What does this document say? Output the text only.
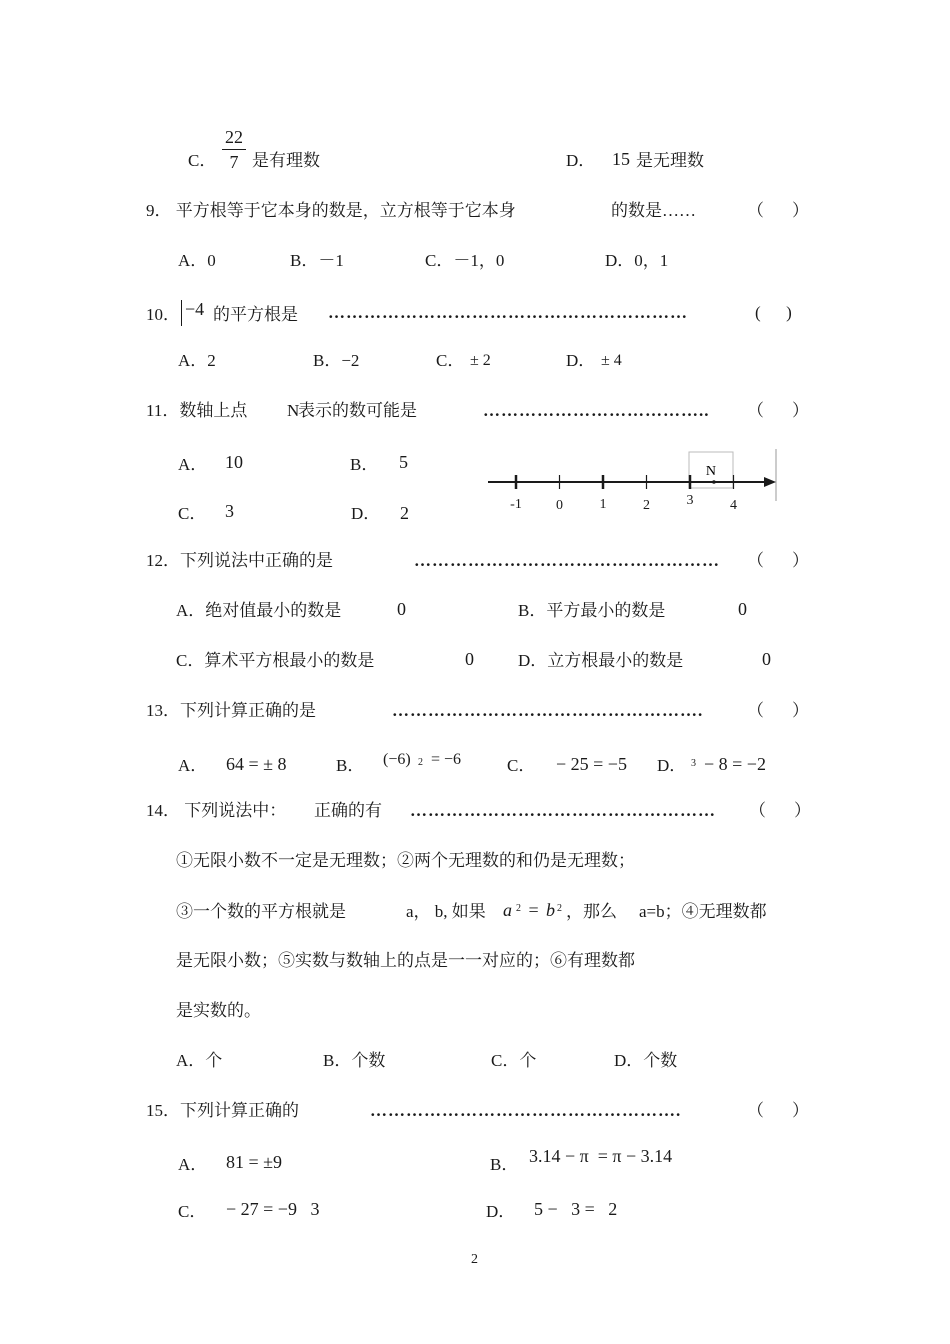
C． $\frac{22}{7}$ 是有理数	D． 15 是无理数
9． 平方根等于它本身的数是，立方根等于它本身	的数是……	（ ）
A．0	B．－1	C．－1，0	D．0，1
10． −4 的平方根是 ……………………………………………………	(      )
A．2	B．−2	C． ± 2	D． ± 4
11．数轴上点 N
表示的数可能是	……………………………….. （ ）
A． 10	B． 5
C． 3	D． 2	-1 0	1	2	3	4
N
12．下列说法中正确的是	…………………………………………… （ ）
A．绝对值最小的数是	0	B．平方最小的数是	0
C．算术平方根最小的数是	0	D．立方根最小的数是	0
13．下列计算正确的是	…………………………………………….	（ ）
A． 64 = ± 8	B． (−6) 2 = −6	C． − 25 = −5 D． 3 − 8 = −2
14． 下列说法中： 正确的有 …………………………………………… （ ）
①无限小数不一定是无理数；②两个无理数的和仍是无理数；
③一个数的平方根就是	a， b, 如果 a 2 = b 2 ，那么 a=b；④无理数都
是无限小数；⑤实数与数轴上的点是一一对应的；⑥有理数都
是实数的。
A．个	B．个数	C．个	D．个数
15．下列计算正确的	…………………………………………….	（ ）
A． 81 = ±9	B． 3.14 − π  = π − 3.14
C． − 27 = −9   3	D． 5 −   3 =   2
2
